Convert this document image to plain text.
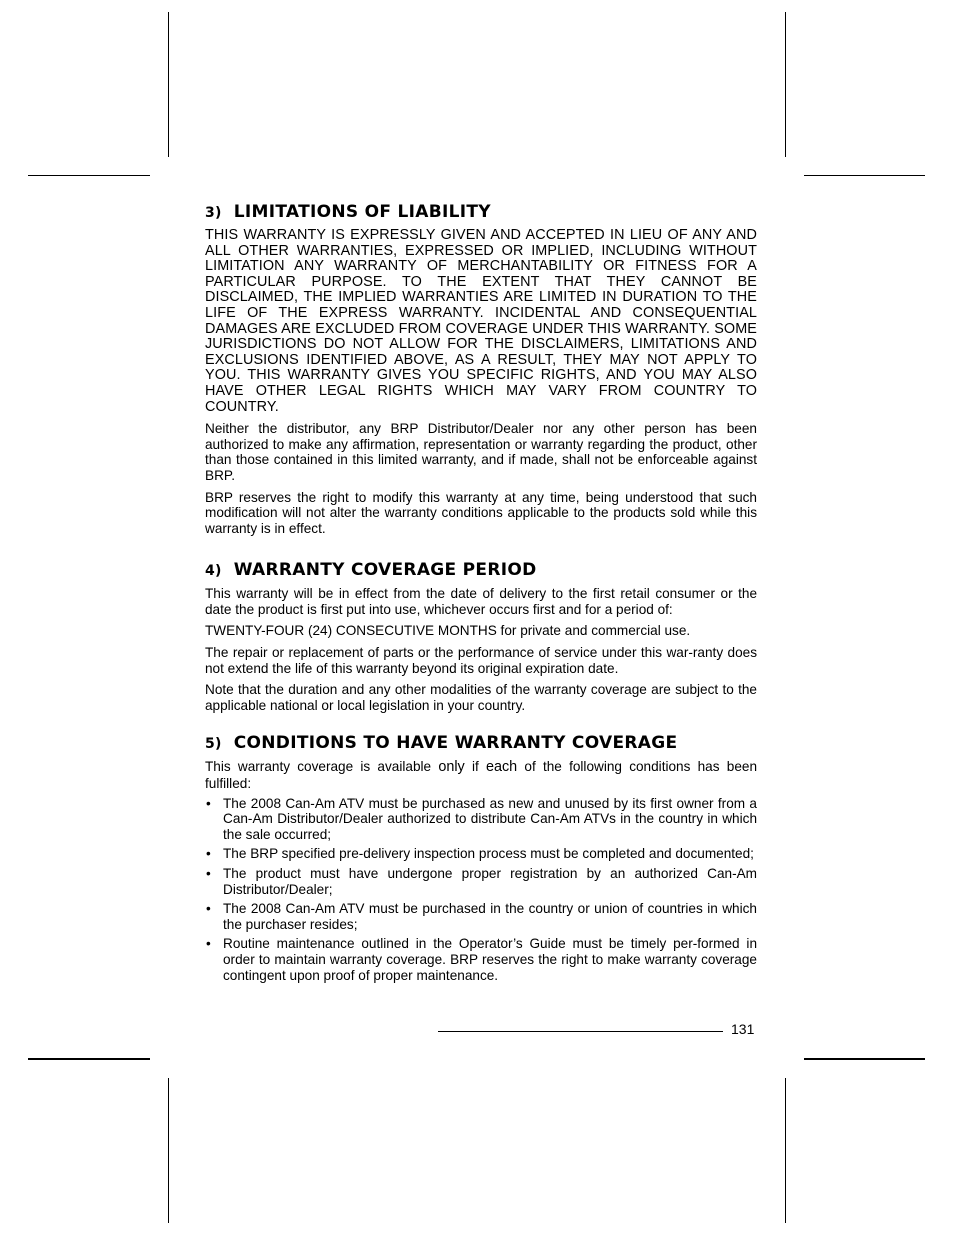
3) LIMITATIONS OF LIABILITY

THIS WARRANTY IS EXPRESSLY GIVEN AND ACCEPTED IN LIEU OF ANY AND ALL OTHER WARRANTIES, EXPRESSED OR IMPLIED, INCLUDING WITHOUT LIMITATION ANY WARRANTY OF MERCHANTABILITY OR FITNESS FOR A PARTICULAR PURPOSE. TO THE EXTENT THAT THEY CANNOT BE DISCLAIMED, THE IMPLIED WARRANTIES ARE LIMITED IN DURATION TO THE LIFE OF THE EXPRESS WARRANTY. INCIDENTAL AND CONSEQUENTIAL DAMAGES ARE EXCLUDED FROM COVERAGE UNDER THIS WARRANTY. SOME JURISDICTIONS DO NOT ALLOW FOR THE DISCLAIMERS, LIMITATIONS AND EXCLUSIONS IDENTIFIED ABOVE, AS A RESULT, THEY MAY NOT APPLY TO YOU. THIS WARRANTY GIVES YOU SPECIFIC RIGHTS, AND YOU MAY ALSO HAVE OTHER LEGAL RIGHTS WHICH MAY VARY FROM COUNTRY TO COUNTRY.

Neither the distributor, any BRP Distributor/Dealer nor any other person has been authorized to make any affirmation, representation or warranty regarding the product, other than those contained in this limited warranty, and if made, shall not be enforceable against BRP.

BRP reserves the right to modify this warranty at any time, being understood that such modification will not alter the warranty conditions applicable to the products sold while this warranty is in effect.

4) WARRANTY COVERAGE PERIOD

This warranty will be in effect from the date of delivery to the first retail consumer or the date the product is first put into use, whichever occurs first and for a period of:

TWENTY-FOUR (24) CONSECUTIVE MONTHS for private and commercial use.

The repair or replacement of parts or the performance of service under this war-ranty does not extend the life of this warranty beyond its original expiration date.

Note that the duration and any other modalities of the warranty coverage are subject to the applicable national or local legislation in your country.

5) CONDITIONS TO HAVE WARRANTY COVERAGE

This warranty coverage is available only if each of the following conditions has been fulfilled:

• The 2008 Can-Am ATV must be purchased as new and unused by its first owner from a Can-Am Distributor/Dealer authorized to distribute Can-Am ATVs in the country in which the sale occurred;
• The BRP specified pre-delivery inspection process must be completed and documented;
• The product must have undergone proper registration by an authorized Can-Am Distributor/Dealer;
• The 2008 Can-Am ATV must be purchased in the country or union of countries in which the purchaser resides;
• Routine maintenance outlined in the Operator’s Guide must be timely per-formed in order to maintain warranty coverage. BRP reserves the right to make warranty coverage contingent upon proof of proper maintenance.
131
